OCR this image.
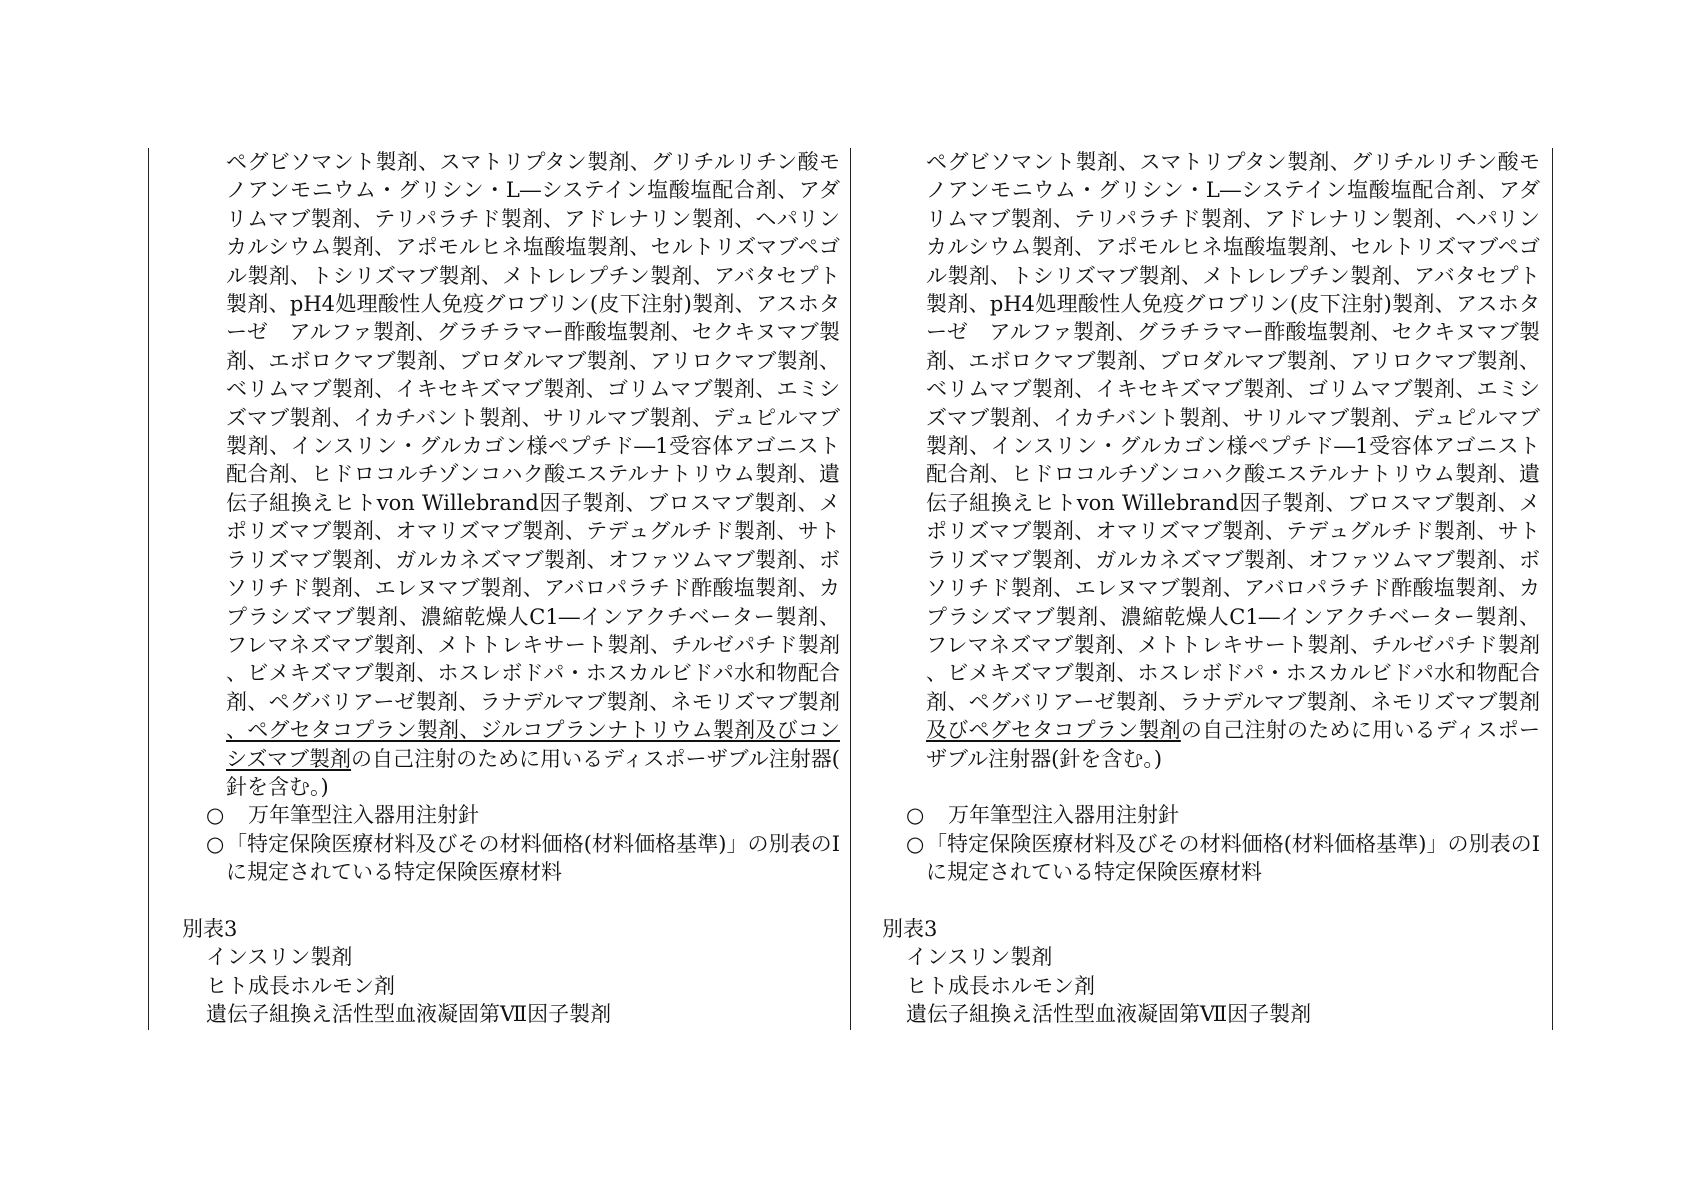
ペグビソマント製剤、スマトリプタン製剤、グリチルリチン酸モノアンモニウム・グリシン・L―システイン塩酸塩配合剤、アダリムマブ製剤、テリパラチド製剤、アドレナリン製剤、ヘパリンカルシウム製剤、アポモルヒネ塩酸塩製剤、セルトリズマブペゴル製剤、トシリズマブ製剤、メトレレプチン製剤、アバタセプト製剤、pH4処理酸性人免疫グロブリン(皮下注射)製剤、アスホターゼ　アルファ製剤、グラチラマー酢酸塩製剤、セクキヌマブ製剤、エボロクマブ製剤、ブロダルマブ製剤、アリロクマブ製剤、ベリムマブ製剤、イキセキズマブ製剤、ゴリムマブ製剤、エミシズマブ製剤、イカチバント製剤、サリルマブ製剤、デュピルマブ製剤、インスリン・グルカゴン様ペプチド―1受容体アゴニスト配合剤、ヒドロコルチゾンコハク酸エステルナトリウム製剤、遺伝子組換えヒトvon Willebrand因子製剤、ブロスマブ製剤、メポリズマブ製剤、オマリズマブ製剤、テデュグルチド製剤、サトラリズマブ製剤、ガルカネズマブ製剤、オファツムマブ製剤、ボソリチド製剤、エレヌマブ製剤、アバロパラチド酢酸塩製剤、カプラシズマブ製剤、濃縮乾燥人C1―インアクチベーター製剤、フレマネズマブ製剤、メトトレキサート製剤、チルゼパチド製剤、ビメキズマブ製剤、ホスレボドパ・ホスカルビドパ水和物配合剤、ペグバリアーゼ製剤、ラナデルマブ製剤、ネモリズマブ製剤、ペグセタコプラン製剤、ジルコプランナトリウム製剤及びコンシズマブ製剤の自己注射のために用いるディスポーザブル注射器(針を含む。)
○	万年筆型注入器用注射針
○ 「特定保険医療材料及びその材料価格(材料価格基準)」の別表のⅠに規定されている特定保険医療材料
別表3
インスリン製剤
ヒト成長ホルモン剤
遺伝子組換え活性型血液凝固第Ⅶ因子製剤
ペグビソマント製剤、スマトリプタン製剤、グリチルリチン酸モノアンモニウム・グリシン・L―システイン塩酸塩配合剤、アダリムマブ製剤、テリパラチド製剤、アドレナリン製剤、ヘパリンカルシウム製剤、アポモルヒネ塩酸塩製剤、セルトリズマブペゴル製剤、トシリズマブ製剤、メトレレプチン製剤、アバタセプト製剤、pH4処理酸性人免疫グロブリン(皮下注射)製剤、アスホターゼ　アルファ製剤、グラチラマー酢酸塩製剤、セクキヌマブ製剤、エボロクマブ製剤、ブロダルマブ製剤、アリロクマブ製剤、ベリムマブ製剤、イキセキズマブ製剤、ゴリムマブ製剤、エミシズマブ製剤、イカチバント製剤、サリルマブ製剤、デュピルマブ製剤、インスリン・グルカゴン様ペプチド―1受容体アゴニスト配合剤、ヒドロコルチゾンコハク酸エステルナトリウム製剤、遺伝子組換えヒトvon Willebrand因子製剤、ブロスマブ製剤、メポリズマブ製剤、オマリズマブ製剤、テデュグルチド製剤、サトラリズマブ製剤、ガルカネズマブ製剤、オファツムマブ製剤、ボソリチド製剤、エレヌマブ製剤、アバロパラチド酢酸塩製剤、カプラシズマブ製剤、濃縮乾燥人C1―インアクチベーター製剤、フレマネズマブ製剤、メトトレキサート製剤、チルゼパチド製剤、ビメキズマブ製剤、ホスレボドパ・ホスカルビドパ水和物配合剤、ペグバリアーゼ製剤、ラナデルマブ製剤、ネモリズマブ製剤及びペグセタコプラン製剤の自己注射のために用いるディスポーザブル注射器(針を含む。)
○	万年筆型注入器用注射針
○ 「特定保険医療材料及びその材料価格(材料価格基準)」の別表のⅠに規定されている特定保険医療材料
別表3
インスリン製剤
ヒト成長ホルモン剤
遺伝子組換え活性型血液凝固第Ⅶ因子製剤
